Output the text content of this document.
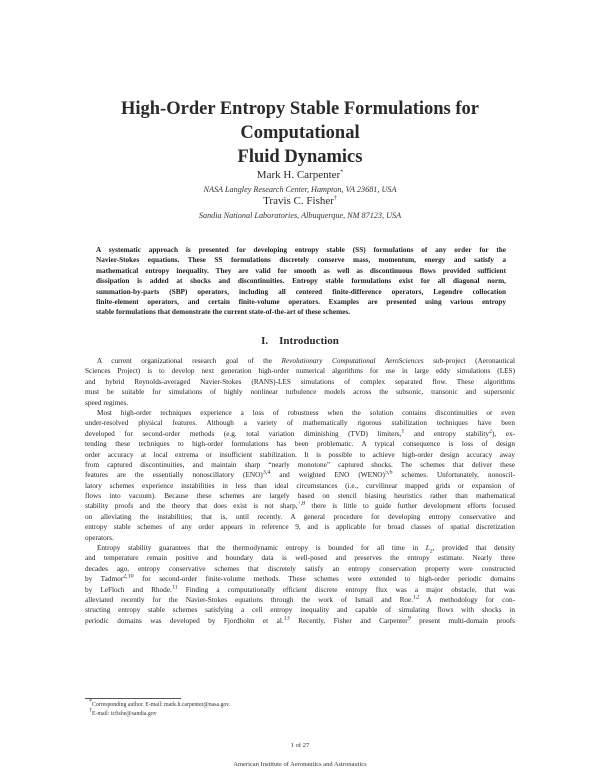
High-Order Entropy Stable Formulations for Computational
Fluid Dynamics
Mark H. Carpenter*
NASA Langley Research Center, Hampton, VA 23681, USA
Travis C. Fisher†
Sandia National Laboratories, Albuquerque, NM 87123, USA
A systematic approach is presented for developing entropy stable (SS) formulations of any order for the
Navier-Stokes equations. These SS formulations discretely conserve mass, momentum, energy and satisfy a
mathematical entropy inequality. They are valid for smooth as well as discontinuous flows provided sufficient
dissipation is added at shocks and discontinuities. Entropy stable formulations exist for all diagonal norm,
summation-by-parts (SBP) operators, including all centered finite-difference operators, Legendre collocation
finite-element operators, and certain finite-volume operators. Examples are presented using various entropy
stable formulations that demonstrate the current state-of-the-art of these schemes.
I. Introduction
A current organizational research goal of the Revolutionary Computational AeroSciences sub-project (Aeronautical
Sciences Project) is to develop next generation high-order numerical algorithms for use in large eddy simulations (LES)
and hybrid Reynolds-averaged Navier-Stokes (RANS)-LES simulations of complex separated flow. These algorithms
must be suitable for simulations of highly nonlinear turbulence models across the subsonic, transonic and supersonic
speed regimes.
Most high-order techniques experience a loss of robustness when the solution contains discontinuities or even
under-resolved physical features. Although a variety of mathematically rigorous stabilization techniques have been
developed for second-order methods (e.g. total variation diminishing (TVD) limiters,$^1$ and entropy stability$^2$), ex-
tending these techniques to high-order formulations has been problematic. A typical consequence is loss of design
order accuracy at local extrema or insufficient stabilization. It is possible to achieve high-order design accuracy away
from captured discontinuities, and maintain sharp “nearly monotone” captured shocks. The schemes that deliver these
features are the essentially nonoscillatory (ENO)$^{3,4}$ and weighted ENO (WENO)$^{5,6}$ schemes. Unfortunately, nonoscil-
latory schemes experience instabilities in less than ideal circumstances (i.e., curvilinear mapped grids or expansion of
flows into vacuum). Because these schemes are largely based on stencil biasing heuristics rather than mathematical
stability proofs and the theory that does exist is not sharp,$^{7,8}$ there is little to guide further development efforts focused
on alleviating the instabilities; that is, until recently. A general procedure for developing entropy conservative and
entropy stable schemes of any order appears in reference 9, and is applicable for broad classes of spatial discretization
operators.
Entropy stability guarantees that the thermodynamic entropy is bounded for all time in $L_2$, provided that density
and temperature remain positive and boundary data is well-posed and preserves the entropy estimate. Nearly three
decades ago, entropy conservative schemes that discretely satisfy an entropy conservation property were constructed
by Tadmor$^{2,10}$ for second-order finite-volume methods. These schemes were extended to high-order periodic domains
by LeFloch and Rhode.$^{11}$ Finding a computationally efficient discrete entropy flux was a major obstacle, that was
alleviated recently for the Navier-Stokes equations through the work of Ismail and Roe.$^{12}$ A methodology for con-
structing entropy stable schemes satisfying a cell entropy inequality and capable of simulating flows with shocks in
periodic domains was developed by Fjordholm et al.$^{13}$ Recently, Fisher and Carpenter$^9$ present multi-domain proofs
*Corresponding author. E-mail: mark.h.carpenter@nasa.gov.
†E-mail: tcfishe@sandia.gov
1 of 27
American Institute of Aeronautics and Astronautics
